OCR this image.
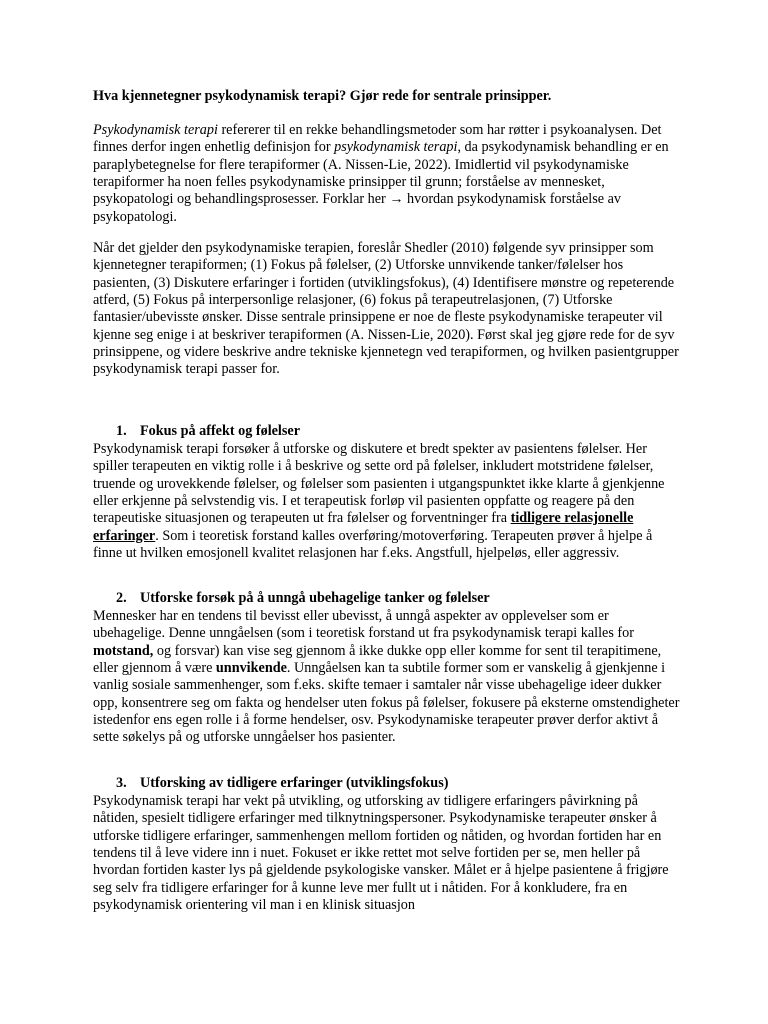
Hva kjennetegner psykodynamisk terapi? Gjør rede for sentrale prinsipper.

Psykodynamisk terapi refererer til en rekke behandlingsmetoder som har røtter i psykoanalysen. Det finnes derfor ingen enhetlig definisjon for psykodynamisk terapi, da psykodynamisk behandling er en paraplybetegnelse for flere terapiformer (A. Nissen-Lie, 2022). Imidlertid vil psykodynamiske terapiformer ha noen felles psykodynamiske prinsipper til grunn; forståelse av mennesket, psykopatologi og behandlingsprosesser. Forklar her → hvordan psykodynamisk forståelse av psykopatologi.

Når det gjelder den psykodynamiske terapien, foreslår Shedler (2010) følgende syv prinsipper som kjennetegner terapiformen; (1) Fokus på følelser, (2) Utforske unnvikende tanker/følelser hos pasienten, (3) Diskutere erfaringer i fortiden (utviklingsfokus), (4) Identifisere mønstre og repeterende atferd, (5) Fokus på interpersonlige relasjoner, (6) fokus på terapeutrelasjonen, (7) Utforske fantasier/ubevisste ønsker. Disse sentrale prinsippene er noe de fleste psykodynamiske terapeuter vil kjenne seg enige i at beskriver terapiformen (A. Nissen-Lie, 2020). Først skal jeg gjøre rede for de syv prinsippene, og videre beskrive andre tekniske kjennetegn ved terapiformen, og hvilken pasientgrupper psykodynamisk terapi passer for.

1. Fokus på affekt og følelser

Psykodynamisk terapi forsøker å utforske og diskutere et bredt spekter av pasientens følelser. Her spiller terapeuten en viktig rolle i å beskrive og sette ord på følelser, inkludert motstridene følelser, truende og urovekkende følelser, og følelser som pasienten i utgangspunktet ikke klarte å gjenkjenne eller erkjenne på selvstendig vis. I et terapeutisk forløp vil pasienten oppfatte og reagere på den terapeutiske situasjonen og terapeuten ut fra følelser og forventninger fra tidligere relasjonelle erfaringer. Som i teoretisk forstand kalles overføring/motoverføring. Terapeuten prøver å hjelpe å finne ut hvilken emosjonell kvalitet relasjonen har f.eks. Angstfull, hjelpeløs, eller aggressiv.

2. Utforske forsøk på å unngå ubehagelige tanker og følelser

Mennesker har en tendens til bevisst eller ubevisst, å unngå aspekter av opplevelser som er ubehagelige. Denne unngåelsen (som i teoretisk forstand ut fra psykodynamisk terapi kalles for motstand, og forsvar) kan vise seg gjennom å ikke dukke opp eller komme for sent til terapitimene, eller gjennom å være unnvikende. Unngåelsen kan ta subtile former som er vanskelig å gjenkjenne i vanlig sosiale sammenhenger, som f.eks. skifte temaer i samtaler når visse ubehagelige ideer dukker opp, konsentrere seg om fakta og hendelser uten fokus på følelser, fokusere på eksterne omstendigheter istedenfor ens egen rolle i å forme hendelser, osv. Psykodynamiske terapeuter prøver derfor aktivt å sette søkelys på og utforske unngåelser hos pasienter.

3. Utforsking av tidligere erfaringer (utviklingsfokus)

Psykodynamisk terapi har vekt på utvikling, og utforsking av tidligere erfaringers påvirkning på nåtiden, spesielt tidligere erfaringer med tilknytningspersoner. Psykodynamiske terapeuter ønsker å utforske tidligere erfaringer, sammenhengen mellom fortiden og nåtiden, og hvordan fortiden har en tendens til å leve videre inn i nuet. Fokuset er ikke rettet mot selve fortiden per se, men heller på hvordan fortiden kaster lys på gjeldende psykologiske vansker. Målet er å hjelpe pasientene å frigjøre seg selv fra tidligere erfaringer for å kunne leve mer fullt ut i nåtiden. For å konkludere, fra en psykodynamisk orientering vil man i en klinisk situasjon
